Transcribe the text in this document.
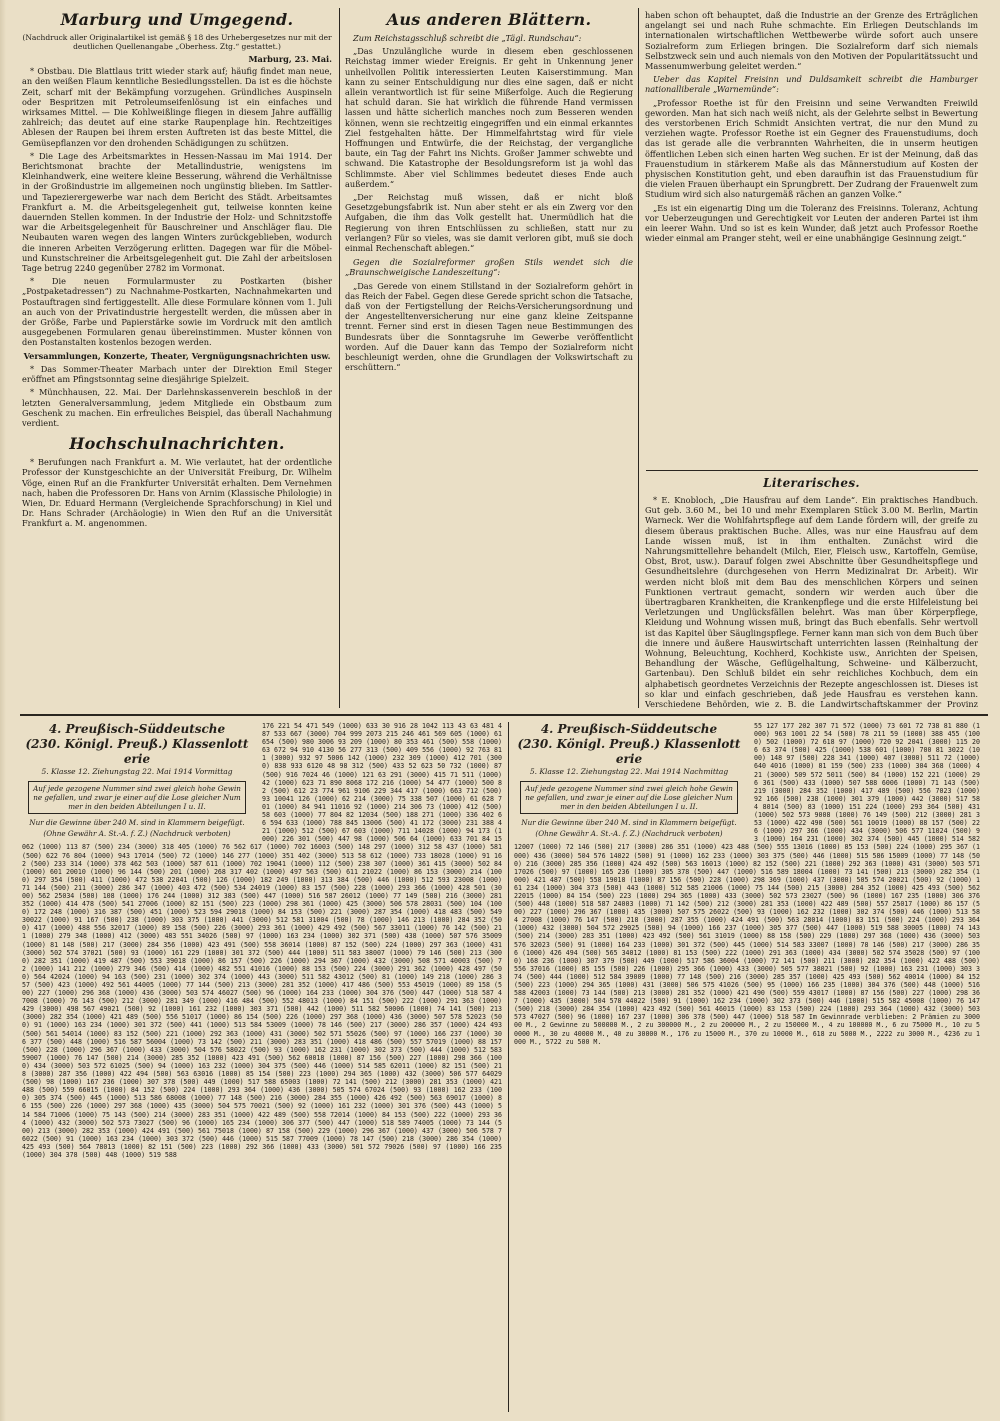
Marburg und Umgegend.
(Nachdruck aller Originalartikel ist gemäß § 18 des Urhebergesetzes nur mit der deutlichen Quellenangabe „Oberhess. Ztg.“ gestattet.)
Marburg, 23. Mai.

* Obstbau. Die Blattlaus tritt wieder stark auf; häufig findet man neue, an den weißen Flaum kenntliche Besiedlungsstellen. Da ist es die höchste Zeit, scharf mit der Bekämpfung vorzugehen. Gründliches Auspinseln oder Bespritzen mit Petroleumseifenlösung ist ein einfaches und wirksames Mittel. — Die Kohlweißlinge fliegen in diesem Jahre auffällig zahlreich; das deutet auf eine starke Raupenplage hin. Rechtzeitiges Ablesen der Raupen bei ihrem ersten Auftreten ist das beste Mittel, die Gemüsepflanzen vor den drohenden Schädigungen zu schützen.

* Die Lage des Arbeitsmarktes in Hessen-Nassau im Mai 1914. Der Berichtsmonat brachte der Metallindustrie, wenigstens im Kleinhandwerk, eine weitere kleine Besserung, während die Verhältnisse in der Großindustrie im allgemeinen noch ungünstig blieben. Im Sattler- und Tapezierergewerbe war nach dem Bericht des Städt. Arbeitsamtes Frankfurt a. M. die Arbeitsgelegenheit gut, teilweise konnten keine dauernden Stellen kommen. In der Industrie der Holz- und Schnitzstoffe war die Arbeitsgelegenheit für Bauschreiner und Anschläger flau. Die Neubauten waren wegen des langen Winters zurückgeblieben, wodurch die inneren Arbeiten Verzögerung erlitten. Dagegen war für die Möbel- und Kunstschreiner die Arbeitsgelegenheit gut. Die Zahl der arbeitslosen Tage betrug 2240 gegenüber 2782 im Vormonat.

* Die neuen Formularmuster zu Postkarten (bisher „Postpaketadressen“) zu Nachnahme-Postkarten, Nachnahmekarten und Postauftragen sind fertiggestellt. Alle diese Formulare können vom 1. Juli an auch von der Privatindustrie hergestellt werden, die müssen aber in der Größe, Farbe und Papierstärke sowie im Vordruck mit den amtlich ausgegebenen Formularen genau übereinstimmen. Muster können von den Postanstalten kostenlos bezogen werden.

Versammlungen, Konzerte, Theater, Vergnügungsnachrichten usw.

* Das Sommer-Theater Marbach unter der Direktion Emil Steger eröffnet am Pfingstsonntag seine diesjährige Spielzeit.

* Münchhausen, 22. Mai. Der Darlehnskassenverein beschloß in der letzten Generalversammlung, jedem Mitgliede ein Obstbaum zum Geschenk zu machen. Ein erfreuliches Beispiel, das überall Nachahmung verdient.

Hochschulnachrichten.

* Berufungen nach Frankfurt a. M. Wie verlautet, hat der ordentliche Professor der Kunstgeschichte an der Universität Freiburg, Dr. Wilhelm Vöge, einen Ruf an die Frankfurter Universität erhalten. Dem Vernehmen nach, haben die Professoren Dr. Hans von Arnim (Klassische Philologie) in Wien, Dr. Eduard Hermann (Vergleichende Sprachforschung) in Kiel und Dr. Hans Schrader (Archäologie) in Wien den Ruf an die Universität Frankfurt a. M. angenommen.

Aus anderen Blättern.

Zum Reichstagsschluß schreibt die „Tägl. Rundschau“:

„Das Unzulängliche wurde in diesem eben geschlossenen Reichstag immer wieder Ereignis. Er geht in Unkennung jener unheilvollen Politik interessierten Leuten Kaiserstimmung. Man kann zu seiner Entschuldigung nur dies eine sagen, daß er nicht allein verantwortlich ist für seine Mißerfolge. Auch die Regierung hat schuld daran. Sie hat wirklich die führende Hand vermissen lassen und hätte sicherlich manches noch zum Besseren wenden können, wenn sie rechtzeitig eingegriffen und ein einmal erkanntes Ziel festgehalten hätte. Der Himmelfahrtstag wird für viele Hoffnungen und Entwürfe, die der Reichstag, der vergangliche baute, ein Tag der Fahrt ins Nichts. Großer Jammer schwebte und schwand. Die Katastrophe der Besoldungsreform ist ja wohl das Schlimmste. Aber viel Schlimmes bedeutet dieses Ende auch außerdem.“

„Der Reichstag muß wissen, daß er nicht bloß Gesetzgebungsfabrik ist. Nun aber steht er als ein Zwerg vor den Aufgaben, die ihm das Volk gestellt hat. Unermüdlich hat die Regierung von ihren Entschlüssen zu schließen, statt nur zu verlangen? Für so vieles, was sie damit verloren gibt, muß sie doch einmal Rechenschaft ablegen.“

Gegen die Sozialreformer großen Stils wendet sich die „Braunschweigische Landeszeitung“:

„Das Gerede von einem Stillstand in der Sozialreform gehört in das Reich der Fabel. Gegen diese Gerede spricht schon die Tatsache, daß von der Fertigstellung der Reichs-Versicherungsordnung und der Angestelltenversicherung nur eine ganz kleine Zeitspanne trennt. Ferner sind erst in diesen Tagen neue Bestimmungen des Bundesrats über die Sonntagsruhe im Gewerbe veröffentlicht worden. Auf die Dauer kann das Tempo der Sozialreform nicht beschleunigt werden, ohne die Grundlagen der Volkswirtschaft zu erschüttern.“

haben schon oft behauptet, daß die Industrie an der Grenze des Erträglichen angelangt sei und nach Ruhe schmachte. Ein Erliegen Deutschlands im internationalen wirtschaftlichen Wettbewerbe würde sofort auch unsere Sozialreform zum Erliegen bringen. Die Sozialreform darf sich niemals Selbstzweck sein und auch niemals von den Motiven der Popularitätssucht und Massenumwerbung geleitet werden.“

Ueber das Kapitel Freisinn und Duldsamkeit schreibt die Hamburger nationalliberale „Warnemünde“:

„Professor Roethe ist für den Freisinn und seine Verwandten Freiwild geworden. Man hat sich nach weiß nicht, als der Gelehrte selbst in Bewertung des verstorbenen Erich Schmidt Ansichten vertrat, die nur den Mund zu verziehen wagte. Professor Roethe ist ein Gegner des Frauenstudiums, doch das ist gerade alle die verbrannten Wahrheiten, die in unserm heutigen öffentlichen Leben sich einen harten Weg suchen. Er ist der Meinung, daß das Frauenstudium in stärkerem Maße als das Männerstudium auf Kosten der physischen Konstitution geht, und eben daraufhin ist das Frauenstudium für die vielen Frauen überhaupt ein Sprungbrett. Der Zudrang der Frauenwelt zum Studium wird sich also naturgemäß rächen an ganzen Volke.“

„Es ist ein eigenartig Ding um die Toleranz des Freisinns. Toleranz, Achtung vor Ueberzeugungen und Gerechtigkeit vor Leuten der anderen Partei ist ihm ein leerer Wahn. Und so ist es kein Wunder, daß jetzt auch Professor Roethe wieder einmal am Pranger steht, weil er eine unabhängige Gesinnung zeigt.“

Literarisches.

* E. Knobloch, „Die Hausfrau auf dem Lande“. Ein praktisches Handbuch. Gut geb. 3.60 M., bei 10 und mehr Exemplaren Stück 3.00 M. Berlin, Martin Warneck. Wer die Wohlfahrtspflege auf dem Lande fördern will, der greife zu diesem überaus praktischen Buche. Alles, was nur eine Hausfrau auf dem Lande wissen muß, ist in ihm enthalten. Zunächst wird die Nahrungsmittellehre behandelt (Milch, Eier, Fleisch usw., Kartoffeln, Gemüse, Obst, Brot, usw.). Darauf folgen zwei Abschnitte über Gesundheitspflege und Gesundheitslehre (durchgesehen von Herrn Medizinalrat Dr. Arbeit). Wir werden nicht bloß mit dem Bau des menschlichen Körpers und seinen Funktionen vertraut gemacht, sondern wir werden auch über die übertragbaren Krankheiten, die Krankenpflege und die erste Hilfeleistung bei Verletzungen und Unglücksfällen belehrt. Was man über Körperpflege, Kleidung und Wohnung wissen muß, bringt das Buch ebenfalls. Sehr wertvoll ist das Kapitel über Säuglingspflege. Ferner kann man sich von dem Buch über die innere und äußere Hauswirtschaft unterrichten lassen (Reinhaltung der Wohnung, Beleuchtung, Kochherd, Kochkiste usw., Anrichten der Speisen, Behandlung der Wäsche, Geflügelhaltung, Schweine- und Kälberzucht, Gartenbau). Den Schluß bildet ein sehr reichliches Kochbuch, dem ein alphabetisch geordnetes Verzeichnis der Rezepte angeschlossen ist. Dieses ist so klar und einfach geschrieben, daß jede Hausfrau es verstehen kann. Verschiedene Behörden, wie z. B. die Landwirtschaftskammer der Provinz

4. Preußisch-Süddeutsche
(230. Königl. Preuß.) Klassenlotterie
5. Klasse 12. Ziehungstag 22. Mai 1914 Vormittag
Auf jede gezogene Nummer sind zwei gleich hohe Gewinne gefallen, und zwar je einer auf die Lose gleicher Nummer in den beiden Abteilungen I u. II.
Nur die Gewinne über 240 M. sind in Klammern beigefügt.
(Ohne Gewähr A. St.-A. f. Z.) (Nachdruck verboten)
176 221 54 471 549 (1000) 633 30 916 28 1042 113 43 63 481 487 533 667 (3000) 704 999 2073 215 246 461 569 605 (1000) 61 654 (500) 980 3006 93 209 (1000) 80 353 461 (500) 558 (1000) 63 672 94 910 4130 56 277 313 (500) 409 556 (1000) 92 763 811 (3000) 932 97 5006 142 (1000) 232 309 (1000) 412 701 (3000) 838 933 6120 48 98 312 (500) 433 52 623 50 732 (1000) 87 (500) 916 7024 46 (1000) 121 63 291 (3000) 415 71 511 (1000) 42 (1000) 623 71 890 8068 172 216 (1000) 54 477 (1000) 500 82 (500) 612 23 774 961 9106 229 344 417 (1000) 663 712 (500) 93 10041 126 (1000) 62 214 (3000) 75 338 507 (1000) 61 628 701 (1000) 84 941 11016 92 (1000) 214 306 73 (1000) 412 (500) 58 603 (1000) 77 804 82 12034 (500) 188 271 (1000) 336 402 66 594 633 (1000) 788 845 13006 (500) 41 172 (3000) 231 388 421 (1000) 512 (500) 67 603 (1000) 711 14028 (1000) 94 173 (1000) 226 301 (500) 447 98 (1000) 506 64 (1000) 633 701 84 15062 (1000) 113 87 (500) 234 (3000) 318 405 (1000) 76 562 617 (1000) 702 16003 (500) 148 297 (1000) 312 58 437 (1000) 581 (500) 622 76 804 (1000) 943 17014 (500) 72 (1000) 146 277 (1000) 351 402 (3000) 513 58 612 (1000) 733 18028 (1000) 91 162 (500) 233 314 (1000) 378 462 503 (1000) 587 611 (1000) 702 19041 (1000) 112 (500) 238 307 (1000) 361 415 (3000) 502 84 (1000) 601 20010 (1000) 96 144 (500) 201 (1000) 268 317 402 (1000) 497 563 (500) 611 21022 (1000) 86 153 (3000) 214 (1000) 297 354 (500) 411 (1000) 472 538 22041 (500) 126 (1000) 182 249 (1000) 313 384 (500) 446 (1000) 512 593 23008 (1000) 71 144 (500) 211 (3000) 286 347 (1000) 403 472 (500) 534 24019 (1000) 83 157 (500) 228 (1000) 293 366 (1000) 428 501 (3000) 562 25034 (500) 108 (1000) 176 244 (1000) 312 383 (500) 447 (1000) 516 587 26012 (1000) 77 149 (500) 216 (3000) 281 352 (1000) 414 478 (500) 541 27006 (1000) 82 151 (500) 223 (1000) 298 361 (1000) 425 (3000) 506 578 28031 (500) 104 (1000) 172 248 (1000) 316 387 (500) 451 (1000) 523 594 29018 (1000) 84 153 (500) 221 (3000) 287 354 (1000) 418 483 (500) 549 30022 (1000) 91 167 (500) 238 (1000) 303 375 (1000) 441 (3000) 512 581 31004 (500) 78 (1000) 146 213 (1000) 284 352 (500) 417 (1000) 488 556 32017 (1000) 89 158 (500) 226 (3000) 293 361 (1000) 429 492 (500) 567 33011 (1000) 76 142 (500) 211 (1000) 279 348 (1000) 412 (3000) 483 551 34026 (500) 97 (1000) 163 234 (1000) 302 371 (500) 438 (1000) 507 576 35009 (1000) 81 148 (500) 217 (3000) 284 356 (1000) 423 491 (500) 558 36014 (1000) 87 152 (500) 224 (1000) 297 363 (1000) 431 (3000) 502 574 37021 (500) 93 (1000) 161 229 (1000) 301 372 (500) 444 (1000) 511 583 38007 (1000) 79 146 (500) 213 (3000) 282 351 (1000) 419 487 (500) 553 39018 (1000) 86 157 (500) 226 (1000) 294 367 (1000) 432 (3000) 508 571 40003 (500) 72 (1000) 141 212 (1000) 279 346 (500) 414 (1000) 482 551 41016 (1000) 88 153 (500) 224 (3000) 291 362 (1000) 428 497 (500) 564 42024 (1000) 94 163 (500) 231 (1000) 302 374 (1000) 443 (3000) 511 582 43012 (500) 81 (1000) 149 218 (1000) 286 357 (500) 423 (1000) 492 561 44005 (1000) 77 144 (500) 213 (3000) 281 352 (1000) 417 486 (500) 553 45019 (1000) 89 158 (500) 227 (1000) 296 368 (1000) 436 (3000) 503 574 46027 (500) 96 (1000) 164 233 (1000) 304 376 (500) 447 (1000) 518 587 47008 (1000) 76 143 (500) 212 (3000) 281 349 (1000) 416 484 (500) 552 48013 (1000) 84 151 (500) 222 (1000) 291 363 (1000) 429 (3000) 498 567 49021 (500) 92 (1000) 161 232 (1000) 303 371 (500) 442 (1000) 511 582 50006 (1000) 74 141 (500) 213 (3000) 282 354 (1000) 421 489 (500) 556 51017 (1000) 86 154 (500) 226 (1000) 297 368 (1000) 436 (3000) 507 578 52023 (500) 91 (1000) 163 234 (1000) 301 372 (500) 441 (1000) 513 584 53009 (1000) 78 146 (500) 217 (3000) 286 357 (1000) 424 493 (500) 561 54014 (1000) 83 152 (500) 221 (1000) 292 363 (1000) 431 (3000) 502 571 55026 (500) 97 (1000) 166 237 (1000) 306 377 (500) 448 (1000) 516 587 56004 (1000) 73 142 (500) 211 (3000) 283 351 (1000) 418 486 (500) 557 57019 (1000) 88 157 (500) 228 (1000) 296 367 (1000) 433 (3000) 504 576 58022 (500) 93 (1000) 162 231 (1000) 302 373 (500) 444 (1000) 512 583 59007 (1000) 76 147 (500) 214 (3000) 285 352 (1000) 423 491 (500) 562 60018 (1000) 87 156 (500) 227 (1000) 298 366 (1000) 434 (3000) 503 572 61025 (500) 94 (1000) 163 232 (1000) 304 375 (500) 446 (1000) 514 585 62011 (1000) 82 151 (500) 218 (3000) 287 356 (1000) 422 494 (500) 563 63016 (1000) 85 154 (500) 223 (1000) 294 365 (1000) 432 (3000) 506 577 64029 (500) 98 (1000) 167 236 (1000) 307 378 (500) 449 (1000) 517 588 65003 (1000) 72 141 (500) 212 (3000) 281 353 (1000) 421 488 (500) 559 66015 (1000) 84 152 (500) 224 (1000) 293 364 (1000) 436 (3000) 505 574 67024 (500) 93 (1000) 162 233 (1000) 305 374 (500) 445 (1000) 513 586 68008 (1000) 77 148 (500) 216 (3000) 284 355 (1000) 426 492 (500) 563 69017 (1000) 86 155 (500) 226 (1000) 297 368 (1000) 435 (3000) 504 575 70021 (500) 92 (1000) 161 232 (1000) 301 376 (500) 443 (1000) 514 584 71006 (1000) 75 143 (500) 214 (3000) 283 351 (1000) 422 489 (500) 558 72014 (1000) 84 153 (500) 222 (1000) 293 364 (1000) 432 (3000) 502 573 73027 (500) 96 (1000) 165 234 (1000) 306 377 (500) 447 (1000) 518 589 74005 (1000) 73 144 (500) 213 (3000) 282 353 (1000) 424 491 (500) 561 75018 (1000) 87 158 (500) 229 (1000) 296 367 (1000) 437 (3000) 506 578 76022 (500) 91 (1000) 163 234 (1000) 303 372 (500) 446 (1000) 515 587 77009 (1000) 78 147 (500) 218 (3000) 286 354 (1000) 425 493 (500) 564 78013 (1000) 82 151 (500) 223 (1000) 292 366 (1000) 433 (3000) 501 572 79026 (500) 97 (1000) 166 235 (1000) 304 378 (500) 448 (1000) 519 588
4. Preußisch-Süddeutsche
(230. Königl. Preuß.) Klassenlotterie
5. Klasse 12. Ziehungstag 22. Mai 1914 Nachmittag
Auf jede gezogene Nummer sind zwei gleich hohe Gewinne gefallen, und zwar je einer auf die Lose gleicher Nummer in den beiden Abteilungen I u. II.
Nur die Gewinne über 240 M. sind in Klammern beigefügt.
(Ohne Gewähr A. St.-A. f. Z.) (Nachdruck verboten)
55 127 177 202 307 71 572 (1000) 73 601 72 738 81 880 (1000) 963 1001 22 54 (500) 78 211 59 (1000) 388 455 (1000) 502 (1000) 72 618 97 (1000) 720 92 2041 (3000) 115 206 63 374 (500) 425 (1000) 538 601 (1000) 700 81 3022 (1000) 148 97 (500) 228 341 (1000) 407 (3000) 511 72 (1000) 640 4016 (1000) 81 159 (500) 233 (1000) 304 368 (1000) 421 (3000) 509 572 5011 (500) 84 (1000) 152 221 (1000) 296 361 (500) 433 (1000) 507 588 6006 (1000) 71 143 (500) 219 (3000) 284 352 (1000) 417 489 (500) 556 7023 (1000) 92 166 (500) 238 (1000) 301 379 (1000) 442 (3000) 517 584 8014 (500) 83 (1000) 151 224 (1000) 293 364 (500) 431 (1000) 502 573 9008 (1000) 76 149 (500) 212 (3000) 281 353 (1000) 422 490 (500) 561 10019 (1000) 88 157 (500) 226 (1000) 297 366 (1000) 434 (3000) 506 577 11024 (500) 93 (1000) 164 231 (1000) 302 374 (500) 445 (1000) 514 582 12007 (1000) 72 146 (500) 217 (3000) 286 351 (1000) 423 488 (500) 555 13016 (1000) 85 153 (500) 224 (1000) 295 367 (1000) 436 (3000) 504 576 14022 (500) 91 (1000) 162 233 (1000) 303 375 (500) 446 (1000) 515 586 15009 (1000) 77 148 (500) 216 (3000) 285 356 (1000) 424 492 (500) 563 16013 (1000) 82 152 (500) 221 (1000) 292 363 (1000) 431 (3000) 503 571 17026 (500) 97 (1000) 165 236 (1000) 305 378 (500) 447 (1000) 516 589 18004 (1000) 73 141 (500) 213 (3000) 282 354 (1000) 421 487 (500) 558 19018 (1000) 87 156 (500) 228 (1000) 298 369 (1000) 437 (3000) 505 574 20021 (500) 92 (1000) 161 234 (1000) 304 373 (500) 443 (1000) 512 585 21006 (1000) 75 144 (500) 215 (3000) 284 352 (1000) 425 493 (500) 562 22015 (1000) 84 154 (500) 223 (1000) 294 365 (1000) 433 (3000) 502 573 23027 (500) 96 (1000) 167 235 (1000) 306 376 (500) 448 (1000) 518 587 24003 (1000) 71 142 (500) 212 (3000) 281 353 (1000) 422 489 (500) 557 25017 (1000) 86 157 (500) 227 (1000) 296 367 (1000) 435 (3000) 507 575 26022 (500) 93 (1000) 162 232 (1000) 302 374 (500) 446 (1000) 513 584 27008 (1000) 76 147 (500) 218 (3000) 287 355 (1000) 424 491 (500) 563 28014 (1000) 83 151 (500) 224 (1000) 293 364 (1000) 432 (3000) 504 572 29025 (500) 94 (1000) 166 237 (1000) 305 377 (500) 447 (1000) 519 588 30005 (1000) 74 143 (500) 214 (3000) 283 351 (1000) 423 492 (500) 561 31019 (1000) 88 158 (500) 229 (1000) 297 368 (1000) 436 (3000) 503 576 32023 (500) 91 (1000) 164 233 (1000) 301 372 (500) 445 (1000) 514 583 33007 (1000) 78 146 (500) 217 (3000) 286 356 (1000) 426 494 (500) 565 34012 (1000) 81 153 (500) 222 (1000) 291 363 (1000) 434 (3000) 502 574 35028 (500) 97 (1000) 168 236 (1000) 307 379 (500) 449 (1000) 517 586 36004 (1000) 72 141 (500) 211 (3000) 282 354 (1000) 422 488 (500) 556 37016 (1000) 85 155 (500) 226 (1000) 295 366 (1000) 433 (3000) 505 577 38021 (500) 92 (1000) 163 231 (1000) 303 374 (500) 444 (1000) 512 584 39009 (1000) 77 148 (500) 216 (3000) 285 357 (1000) 425 493 (500) 562 40014 (1000) 84 152 (500) 223 (1000) 294 365 (1000) 431 (3000) 506 575 41026 (500) 95 (1000) 166 235 (1000) 304 376 (500) 448 (1000) 516 588 42003 (1000) 73 144 (500) 213 (3000) 281 352 (1000) 421 490 (500) 559 43017 (1000) 87 156 (500) 227 (1000) 298 367 (1000) 435 (3000) 504 578 44022 (500) 91 (1000) 162 234 (1000) 302 373 (500) 446 (1000) 515 582 45008 (1000) 76 147 (500) 218 (3000) 284 354 (1000) 423 492 (500) 561 46015 (1000) 83 153 (500) 224 (1000) 293 364 (1000) 432 (3000) 503 573 47027 (500) 96 (1000) 167 237 (1000) 306 378 (500) 447 (1000) 518 587 Im Gewinnrade verblieben: 2 Prämien zu 300000 M., 2 Gewinne zu 500000 M., 2 zu 300000 M., 2 zu 200000 M., 2 zu 150000 M., 4 zu 100000 M., 6 zu 75000 M., 10 zu 50000 M., 30 zu 40000 M., 40 zu 30000 M., 176 zu 15000 M., 370 zu 10000 M., 618 zu 5000 M., 2222 zu 3000 M., 4236 zu 1000 M., 5722 zu 500 M.
